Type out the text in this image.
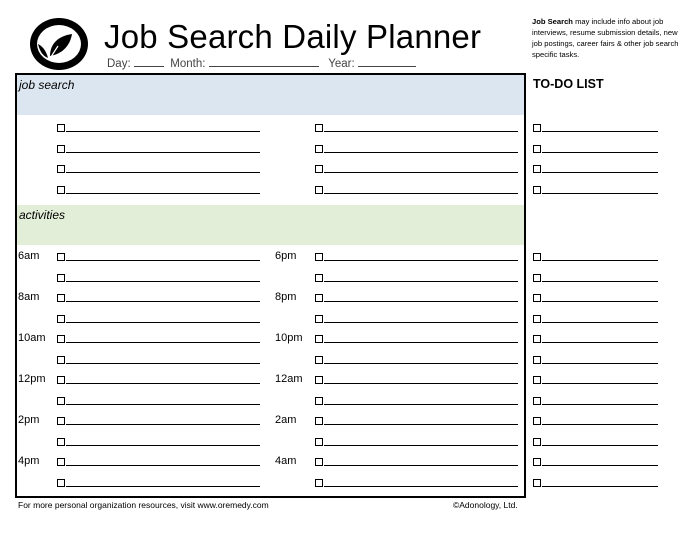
Job Search Daily Planner
Day:	Month:	Year:
Job Search may include info about job interviews, resume submission details, new job postings, career fairs & other job search specific tasks.
job search
activities
TO-DO LIST
6am	6pm
8am	8pm
10am	10pm
12pm	12am
2pm	2am
4pm	4am
For more personal organization resources, visit www.oremedy.com	©Adonology, Ltd.
